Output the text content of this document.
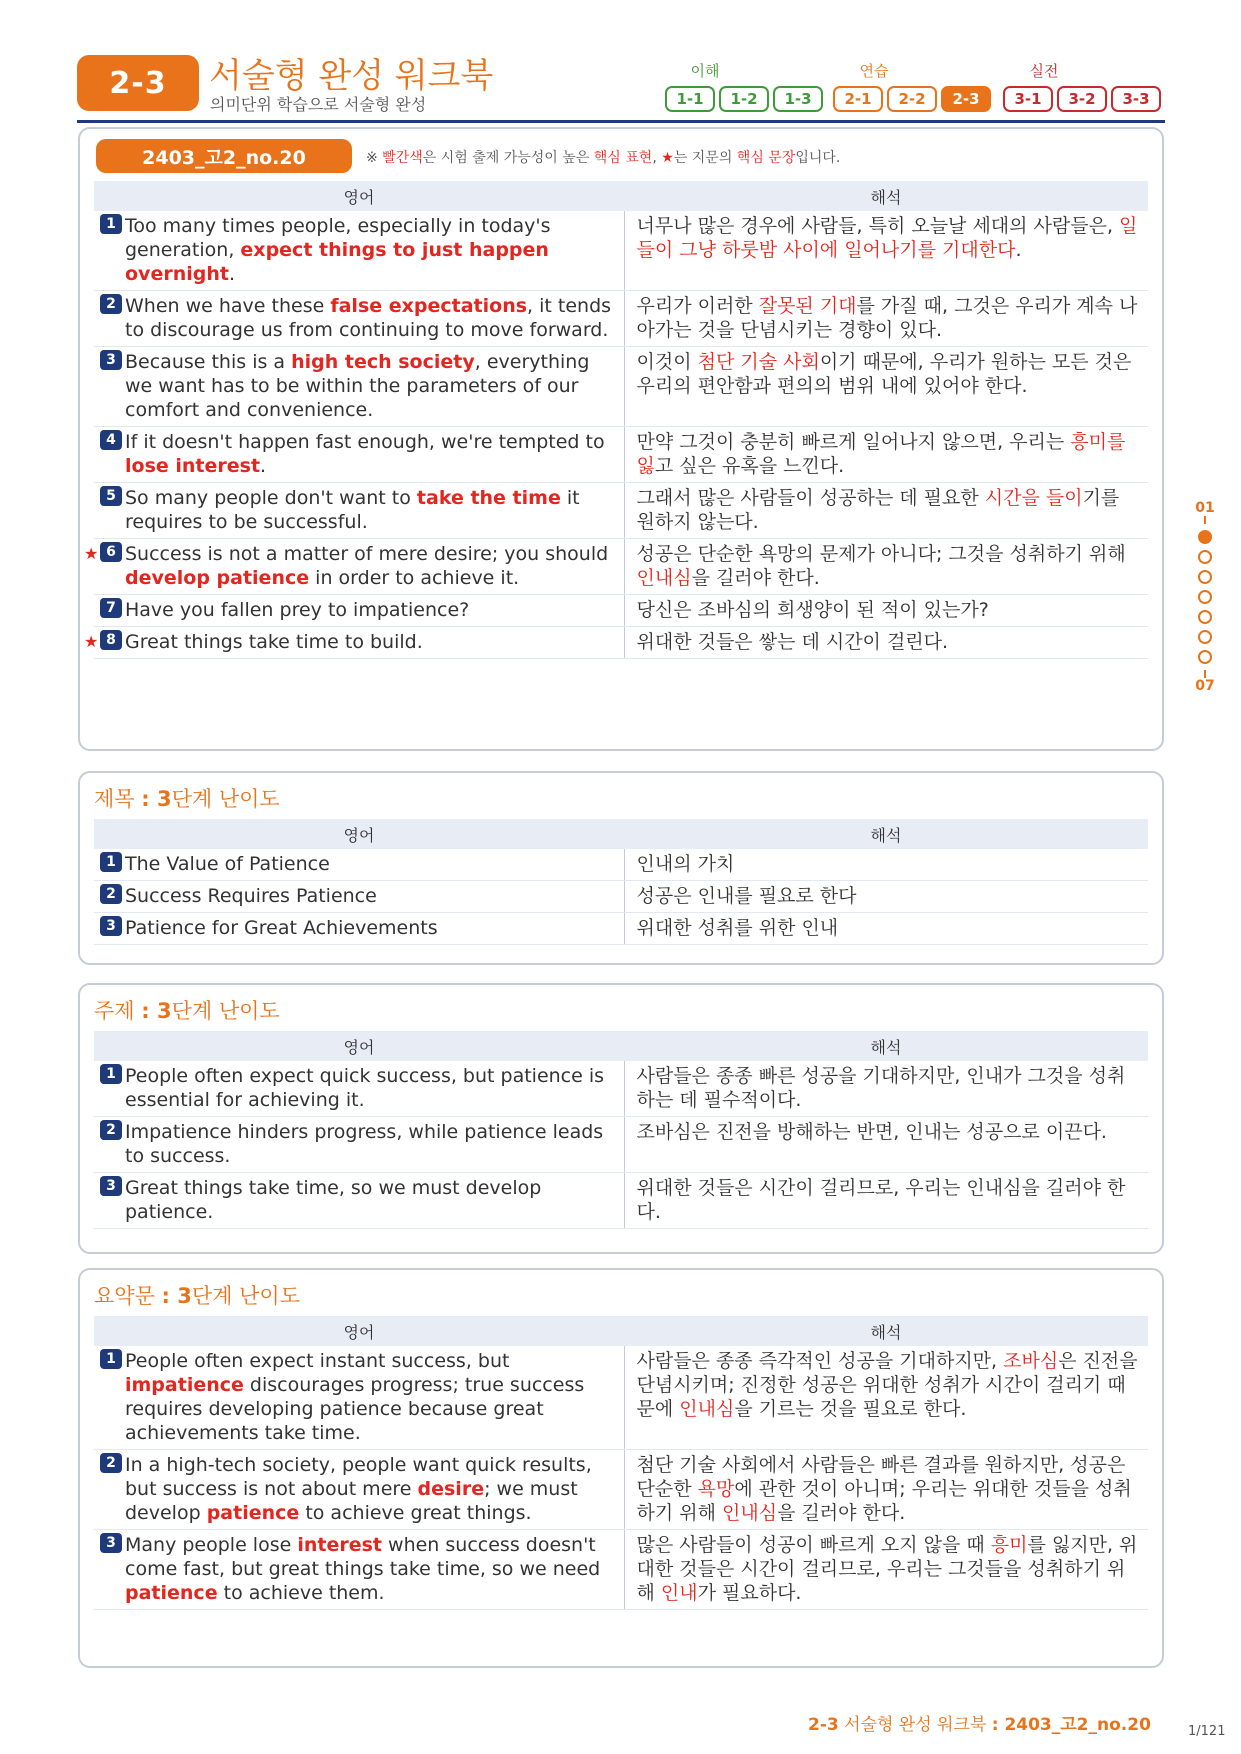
2-3	서술형 완성 워크북
의미단위 학습으로 서술형 완성	1-1	1-2	1-3	2-1	2-2	2-3	3-1	3-2	3-3
이해	연습	실전
2403_고2_no.20	※ 빨간색은 시험 출제 가능성이 높은 핵심 표현, ★는 지문의 핵심 문장입니다.
영어	해석

1 Too many times people, especially in today's generation, expect things to just happen overnight.	너무나 많은 경우에 사람들, 특히 오늘날 세대의 사람들은, 일들이 그냥 하룻밤 사이에 일어나기를 기대한다.

2 When we have these false expectations, it tends to discourage us from continuing to move forward.	우리가 이러한 잘못된 기대를 가질 때, 그것은 우리가 계속 나아가는 것을 단념시키는 경향이 있다.

3 Because this is a high tech society, everything we want has to be within the parameters of our comfort and convenience.	이것이 첨단 기술 사회이기 때문에, 우리가 원하는 모든 것은 우리의 편안함과 편의의 범위 내에 있어야 한다.

4 If it doesn't happen fast enough, we're tempted to lose interest.	만약 그것이 충분히 빠르게 일어나지 않으면, 우리는 흥미를 잃고 싶은 유혹을 느낀다.

5 So many people don't want to take the time it requires to be successful.	그래서 많은 사람들이 성공하는 데 필요한 시간을 들이기를 원하지 않는다.

★ 6 Success is not a matter of mere desire; you should develop patience in order to achieve it.	성공은 단순한 욕망의 문제가 아니다; 그것을 성취하기 위해 인내심을 길러야 한다.

7 Have you fallen prey to impatience?	당신은 조바심의 희생양이 된 적이 있는가?

★ 8 Great things take time to build.	위대한 것들은 쌓는 데 시간이 걸린다.
제목 : 3단계 난이도
영어	해석

1 The Value of Patience	인내의 가치

2 Success Requires Patience	성공은 인내를 필요로 한다

3 Patience for Great Achievements	위대한 성취를 위한 인내
주제 : 3단계 난이도
영어	해석

1 People often expect quick success, but patience is essential for achieving it.	사람들은 종종 빠른 성공을 기대하지만, 인내가 그것을 성취하는 데 필수적이다.

2 Impatience hinders progress, while patience leads to success.	조바심은 진전을 방해하는 반면, 인내는 성공으로 이끈다.

3 Great things take time, so we must develop patience.	위대한 것들은 시간이 걸리므로, 우리는 인내심을 길러야 한다.
요약문 : 3단계 난이도
영어	해석

1 People often expect instant success, but impatience discourages progress; true success requires developing patience because great achievements take time.	사람들은 종종 즉각적인 성공을 기대하지만, 조바심은 진전을 단념시키며; 진정한 성공은 위대한 성취가 시간이 걸리기 때문에 인내심을 기르는 것을 필요로 한다.

2 In a high-tech society, people want quick results, but success is not about mere desire; we must develop patience to achieve great things.	첨단 기술 사회에서 사람들은 빠른 결과를 원하지만, 성공은 단순한 욕망에 관한 것이 아니며; 우리는 위대한 것들을 성취하기 위해 인내심을 길러야 한다.

3 Many people lose interest when success doesn't come fast, but great things take time, so we need patience to achieve them.	많은 사람들이 성공이 빠르게 오지 않을 때 흥미를 잃지만, 위대한 것들은 시간이 걸리므로, 우리는 그것들을 성취하기 위해 인내가 필요하다.
01
07
2-3 서술형 완성 워크북 : 2403_고2_no.20	1/121
